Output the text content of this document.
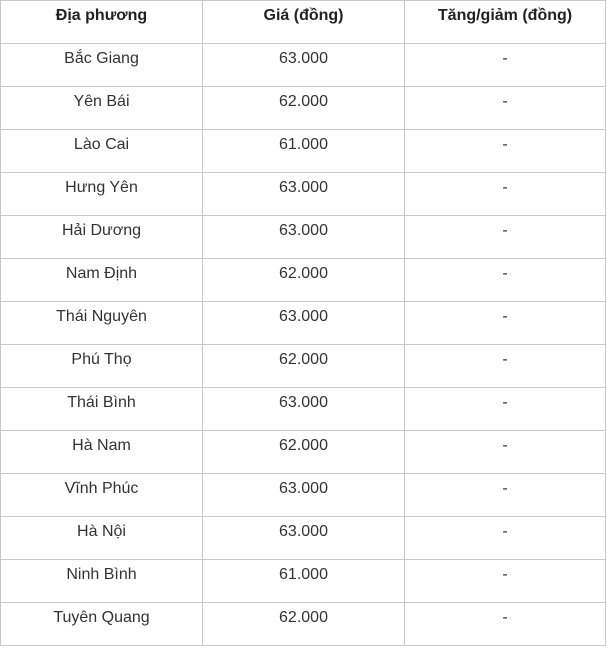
Địa phương	Giá (đồng)	Tăng/giảm (đồng)
Bắc Giang	63.000	-
Yên Bái	62.000	-
Lào Cai	61.000	-
Hưng Yên	63.000	-
Hải Dương	63.000	-
Nam Định	62.000	-
Thái Nguyên	63.000	-
Phú Thọ	62.000	-
Thái Bình	63.000	-
Hà Nam	62.000	-
Vĩnh Phúc	63.000	-
Hà Nội	63.000	-
Ninh Bình	61.000	-
Tuyên Quang	62.000	-
